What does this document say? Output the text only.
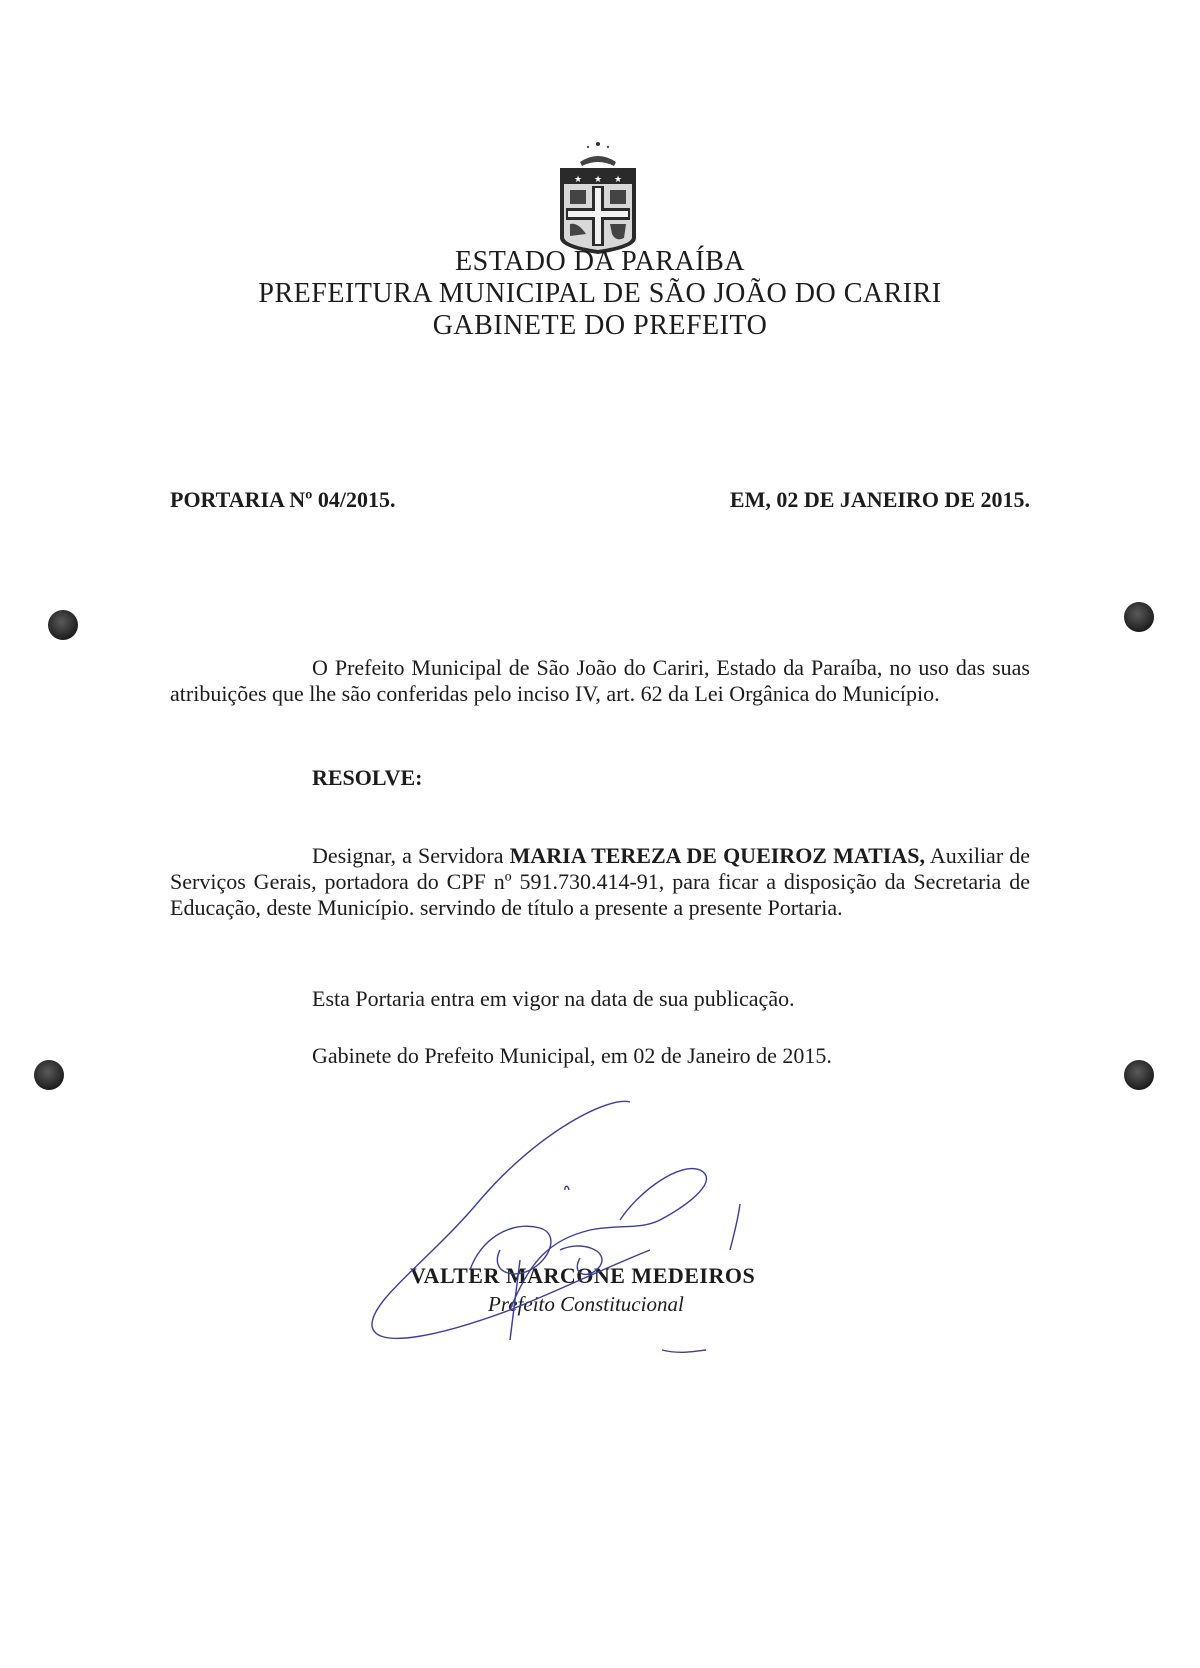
★ ★ ★
ESTADO DA PARAÍBA
PREFEITURA MUNICIPAL DE SÃO JOÃO DO CARIRI
GABINETE DO PREFEITO
PORTARIA Nº 04/2015.	EM, 02 DE JANEIRO DE 2015.
O Prefeito Municipal de São João do Cariri, Estado da Paraíba, no uso das suas atribuições que lhe são conferidas pelo inciso IV, art. 62 da Lei Orgânica do Município.
RESOLVE:
Designar, a Servidora MARIA TEREZA DE QUEIROZ MATIAS, Auxiliar de Serviços Gerais, portadora do CPF nº 591.730.414-91, para ficar a disposição da Secretaria de Educação, deste Município. servindo de título a presente a presente Portaria.
Esta Portaria entra em vigor na data de sua publicação.
Gabinete do Prefeito Municipal, em 02 de Janeiro de 2015.
VALTER MARCONE MEDEIROS
Prefeito Constitucional
